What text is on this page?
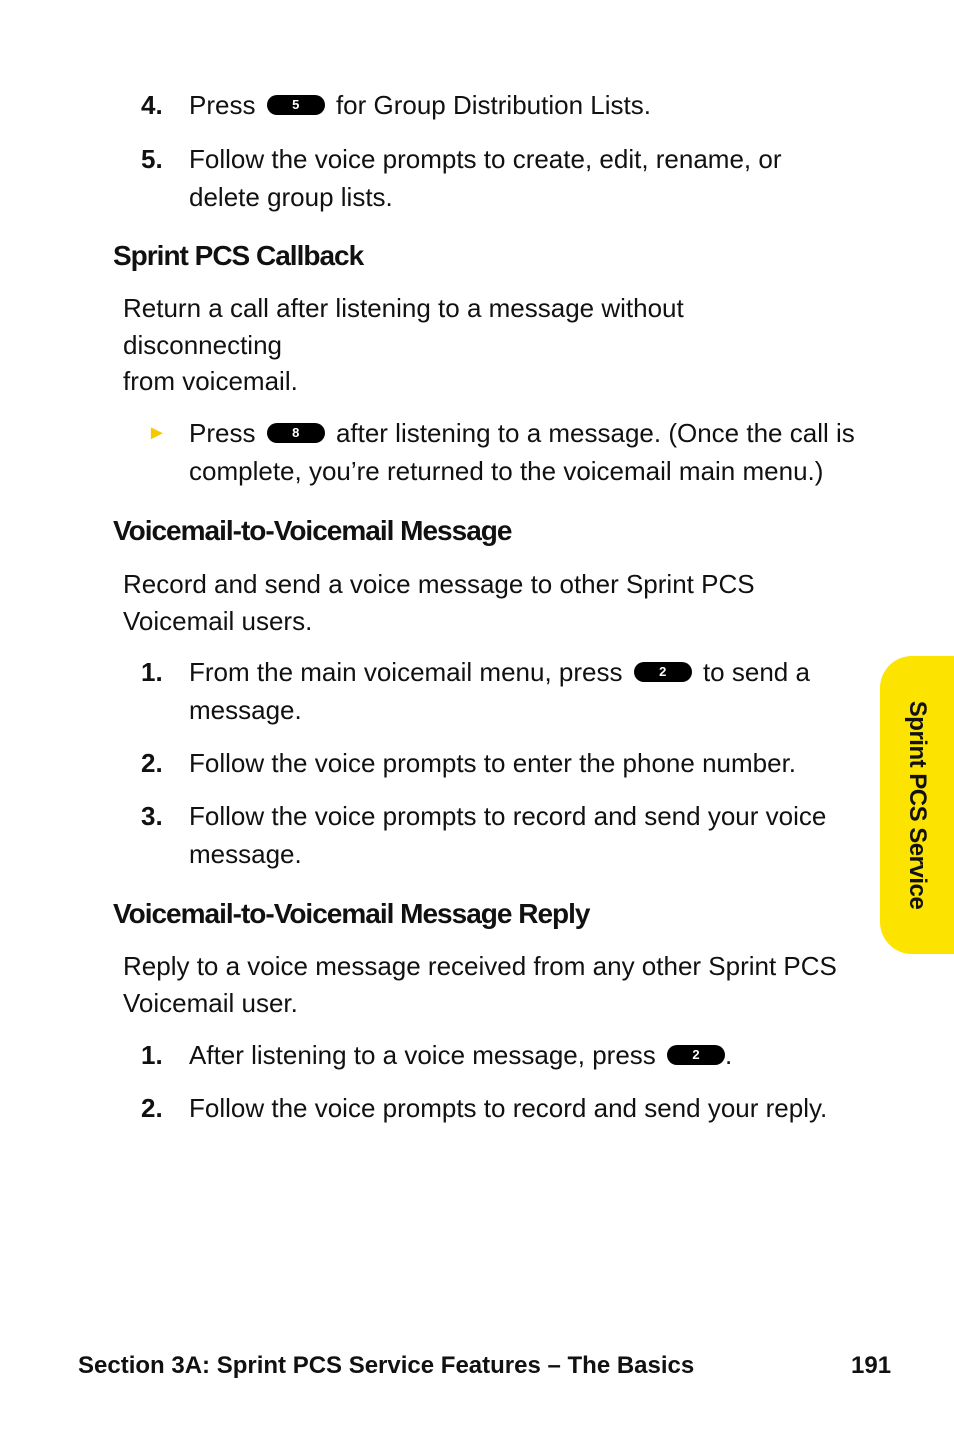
4. Press	5 for Group Distribution Lists.
5. Follow the voice prompts to create, edit, rename, or
delete group lists.
Sprint PCS Callback
Return a call after listening to a message without
disconnecting
from voicemail.
► Press	8 after listening to a message. (Once the call is
complete, you’re returned to the voicemail main menu.)
Voicemail-to-Voicemail Message
Record and send a voice message to other Sprint PCS
Voicemail users.
1. From the main voicemail menu, press	2 to send a
message.
2. Follow the voice prompts to enter the phone number.
3. Follow the voice prompts to record and send your voice
message.
Voicemail-to-Voicemail Message Reply
Reply to a voice message received from any other Sprint PCS
Voicemail user.
1. After listening to a voice message, press	2 .
2. Follow the voice prompts to record and send your reply.
Sprint PCS Service
Section 3A: Sprint PCS Service Features – The Basics	191
